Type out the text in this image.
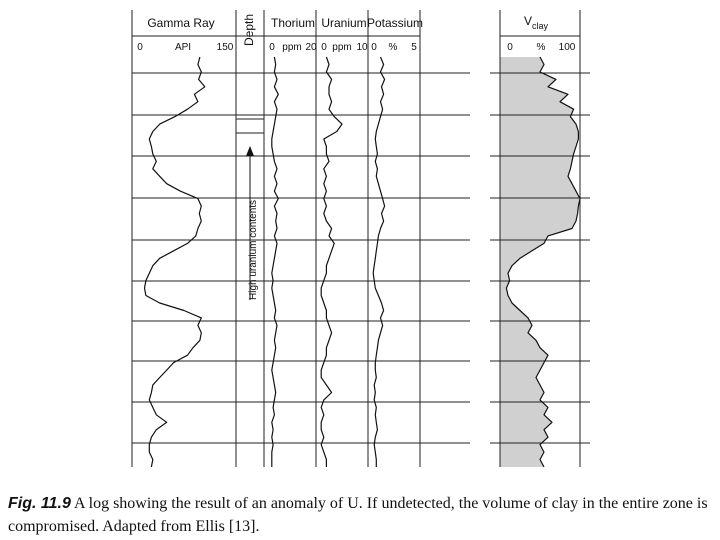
Gamma Ray
0	API	150
Depth Thorium
0 ppm 20
Uranium
0 ppm 10
Potassium
0 % 5
$V_{clay}$
0 % 100
High uranium contents
Fig. 11.9 A log showing the result of an anomaly of U. If undetected, the volume of clay in the entire zone is compromised. Adapted from Ellis [13].
